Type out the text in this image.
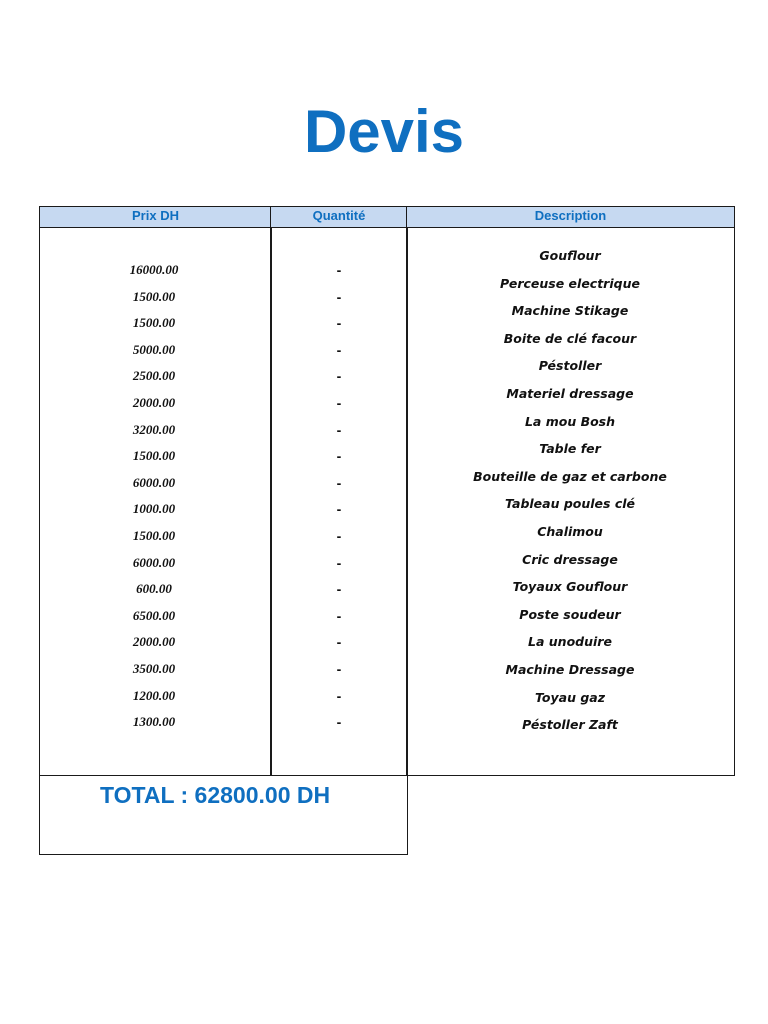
Devis
Prix DH	Quantité	Description
16000.00
1500.00
1500.00
5000.00
2500.00
2000.00
3200.00
1500.00
6000.00
1000.00
1500.00
6000.00
600.00
6500.00
2000.00
3500.00
1200.00
1300.00
-
-
-
-
-
-
-
-
-
-
-
-
-
-
-
-
-
-
Gouflour
Perceuse electrique
Machine Stikage
Boite de clé facour
Péstoller
Materiel dressage
La mou Bosh
Table fer
Bouteille de gaz et carbone
Tableau poules clé
Chalimou
Cric dressage
Toyaux Gouflour
Poste soudeur
La unoduire
Machine Dressage
Toyau gaz
Péstoller Zaft
TOTAL : 62800.00 DH
